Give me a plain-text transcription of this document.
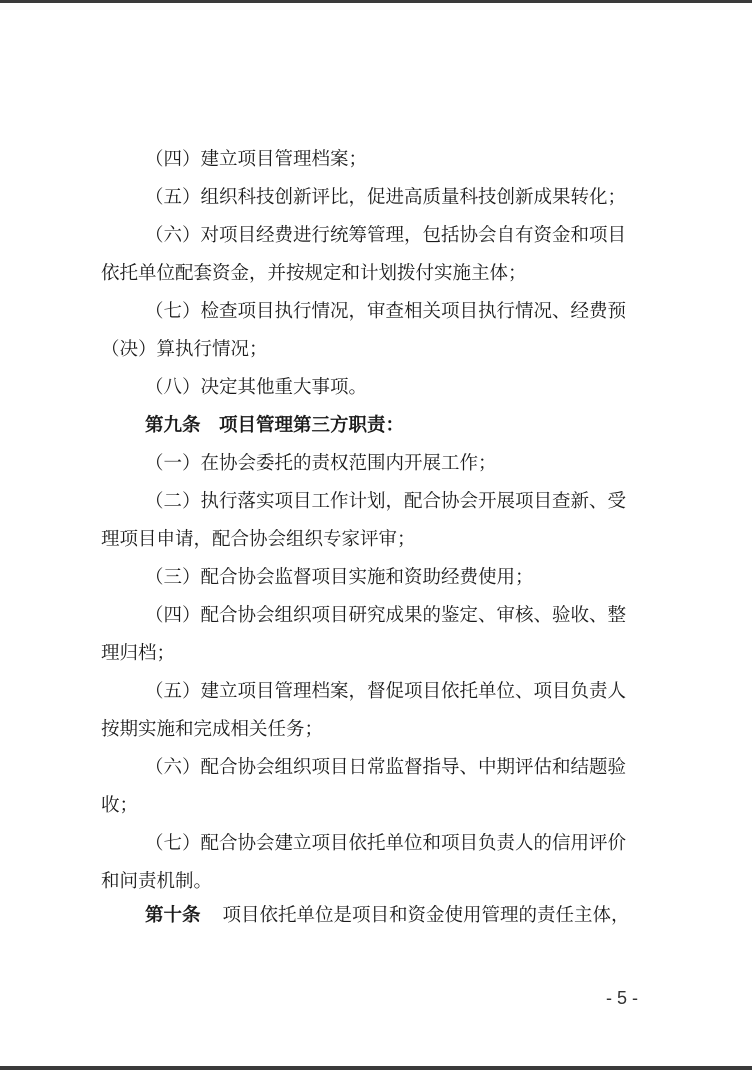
（四）建立项目管理档案；

（五）组织科技创新评比，促进高质量科技创新成果转化；

（六）对项目经费进行统筹管理，包括协会自有资金和项目

依托单位配套资金，并按规定和计划拨付实施主体；

（七）检查项目执行情况，审查相关项目执行情况、经费预

（决）算执行情况；

（八）决定其他重大事项。

第九条　项目管理第三方职责：

（一）在协会委托的责权范围内开展工作；

（二）执行落实项目工作计划，配合协会开展项目查新、受

理项目申请，配合协会组织专家评审；

（三）配合协会监督项目实施和资助经费使用；

（四）配合协会组织项目研究成果的鉴定、审核、验收、整

理归档；

（五）建立项目管理档案，督促项目依托单位、项目负责人

按期实施和完成相关任务；

（六）配合协会组织项目日常监督指导、中期评估和结题验

收；

（七）配合协会建立项目依托单位和项目负责人的信用评价

和问责机制。

第十条 项目依托单位是项目和资金使用管理的责任主体，

- 5 -
